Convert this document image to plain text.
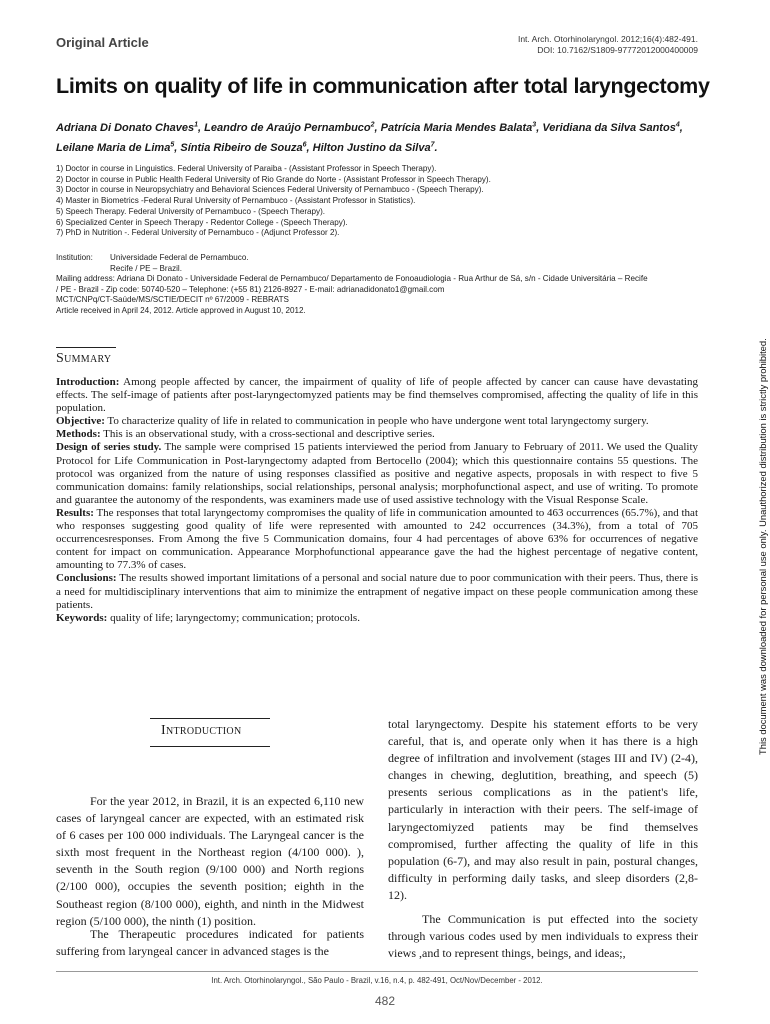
Original Article	Int. Arch. Otorhinolaryngol. 2012;16(4):482-491.
DOI: 10.7162/S1809-97772012000400009
Limits on quality of life in communication after total laryngectomy
Adriana Di Donato Chaves$^1$, Leandro de Araújo Pernambuco$^2$, Patrícia Maria Mendes Balata$^3$, Veridiana da Silva Santos$^4$,
Leilane Maria de Lima$^5$, Síntia Ribeiro de Souza$^6$, Hilton Justino da Silva$^7$.
1) Doctor in course in Linguistics. Federal University of Paraiba - (Assistant Professor in Speech Therapy).
2) Doctor in course in Public Health Federal University of Rio Grande do Norte - (Assistant Professor in Speech Therapy).
3) Doctor in course in Neuropsychiatry and Behavioral Sciences Federal University of Pernambuco - (Speech Therapy).
4) Master in Biometrics -Federal Rural University of Pernambuco - (Assistant Professor in Statistics).
5) Speech Therapy. Federal University of Pernambuco - (Speech Therapy).
6) Specialized Center in Speech Therapy - Redentor College - (Speech Therapy).
7) PhD in Nutrition -. Federal University of Pernambuco - (Adjunct Professor 2).
Institution: Universidade Federal de Pernambuco.
Recife / PE – Brazil.
Mailing address: Adriana Di Donato - Universidade Federal de Pernambuco/ Departamento de Fonoaudiologia - Rua Arthur de Sá, s/n - Cidade Universitária – Recife
/ PE - Brazil - Zip code: 50740-520 – Telephone: (+55 81) 2126-8927 - E-mail: adrianadidonato1@gmail.com
MCT/CNPq/CT-Saúde/MS/SCTIE/DECIT nº 67/2009 - REBRATS
Article received in April 24, 2012. Article approved in August 10, 2012.
Summary

Introduction: Among people affected by cancer, the impairment of quality of life of people affected by cancer can cause have devastating effects. The self-image of patients after post-laryngectomyzed patients may be find themselves compromised, affecting the quality of life in this population.

Objective: To characterize quality of life in related to communication in people who have undergone went total laryngectomy surgery.

Methods: This is an observational study, with a cross-sectional and descriptive series.

Design of series study. The sample were comprised 15 patients interviewed the period from January to February of 2011. We used the Quality Protocol for Life Communication in Post-laryngectomy adapted from Bertocello (2004); which this questionnaire contains 55 questions. The protocol was organized from the nature of using responses classified as positive and negative aspects, proposals in with respect to five 5 communication domains: family relationships, social relationships, personal analysis; morphofunctional aspect, and use of writing. To promote and guarantee the autonomy of the respondents, was examiners made use of used assistive technology with the Visual Response Scale.

Results: The responses that total laryngectomy compromises the quality of life in communication amounted to 463 occurrences (65.7%), and that who responses suggesting good quality of life were represented with amounted to 242 occurrences (34.3%), from a total of 705 occurrencesresponses. From Among the five 5 Communication domains, four 4 had percentages of above 63% for occurrences of negative content for impact on communication. Appearance Morphofunctional appearance gave the had the highest percentage of negative content, amounting to 77.3% of cases.

Conclusions: The results showed important limitations of a personal and social nature due to poor communication with their peers. Thus, there is a need for multidisciplinary interventions that aim to minimize the entrapment of negative impact on these people communication among these patients.

Keywords: quality of life; laryngectomy; communication; protocols.

Introduction

For the year 2012, in Brazil, it is an expected 6,110 new cases of laryngeal cancer are expected, with an estimated risk of 6 cases per 100 000 individuals. The Laryngeal cancer is the sixth most frequent in the Northeast region (4/100 000). ), seventh in the South region (9/100 000) and North regions (2/100 000), occupies the seventh position; eighth in the Southeast region (8/100 000), eighth, and ninth in the Midwest region (5/100 000), the ninth (1) position.

The Therapeutic procedures indicated for patients suffering from laryngeal cancer in advanced stages is the

total laryngectomy. Despite his statement efforts to be very careful, that is, and operate only when it has there is a high degree of infiltration and involvement (stages III and IV) (2-4), changes in chewing, deglutition, breathing, and speech (5) presents serious complications as in the patient's life, particularly in interaction with their peers. The self-image of laryngectomiyzed patients may be find themselves compromised, further affecting the quality of life in this population (6-7), and may also result in pain, postural changes, difficulty in performing daily tasks, and sleep disorders (2,8-12).

The Communication is put effected into the society through various codes used by men individuals to express their views ,and to represent things, beings, and ideas;,

Int. Arch. Otorhinolaryngol., São Paulo - Brazil, v.16, n.4, p. 482-491, Oct/Nov/December - 2012.
482
This document was downloaded for personal use only. Unauthorized distribution is strictly prohibited.
